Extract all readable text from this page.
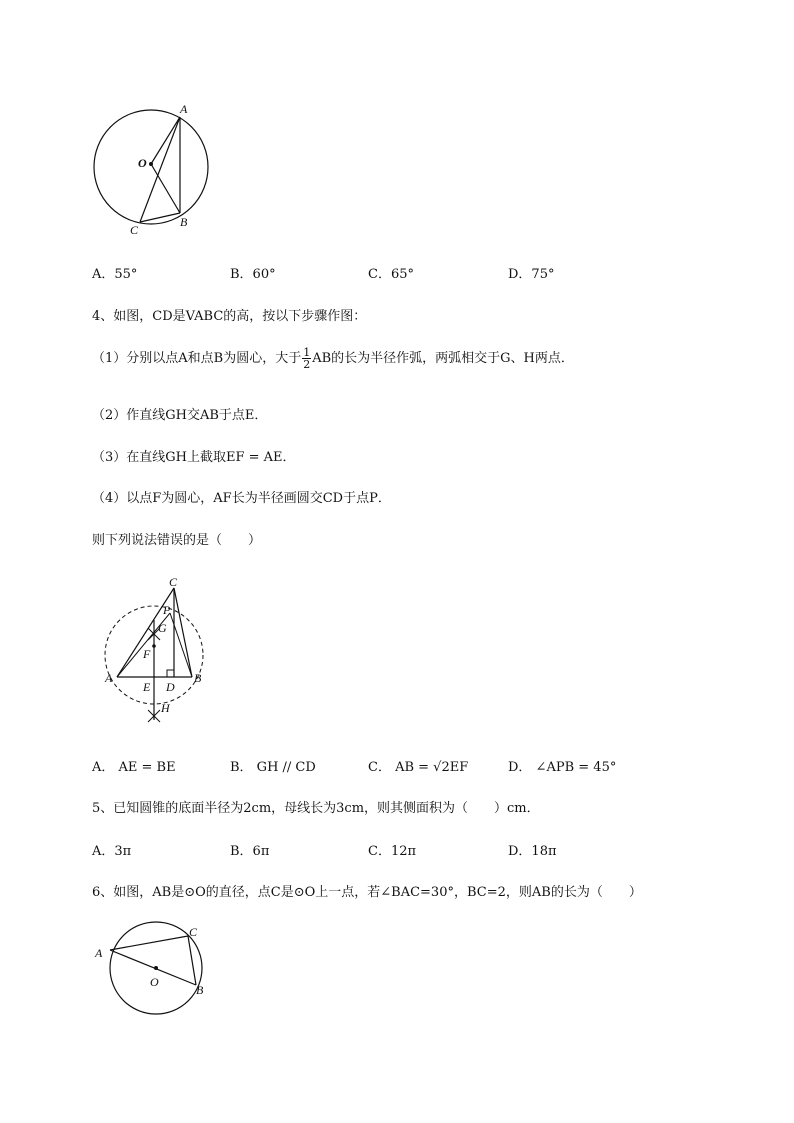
A
O
B
C
A．55°	B．60°	C．65°	D．75°
4、如图，CD是VABC的高，按以下步骤作图：
（1）分别以点A和点B为圆心，大于 $\frac{1}{2}$ AB的长为半径作弧，两弧相交于G、H两点．
（2）作直线GH交AB于点E．
（3）在直线GH上截取EF = AE．
（4）以点F为圆心，AF长为半径画圆交CD于点P．
则下列说法错误的是（　　）
C
P
G
F
A
E D
B
H
A． AE = BE	B． GH // CD	C． AB = √2EF	D． ∠APB = 45°
5、已知圆锥的底面半径为2cm，母线长为3cm，则其侧面积为（　　）cm．
A．3π	B．6π	C．12π	D．18π
6、如图，AB是⊙O的直径，点C是⊙O上一点，若∠BAC=30°，BC=2，则AB的长为（　　）
A
C
O
B
